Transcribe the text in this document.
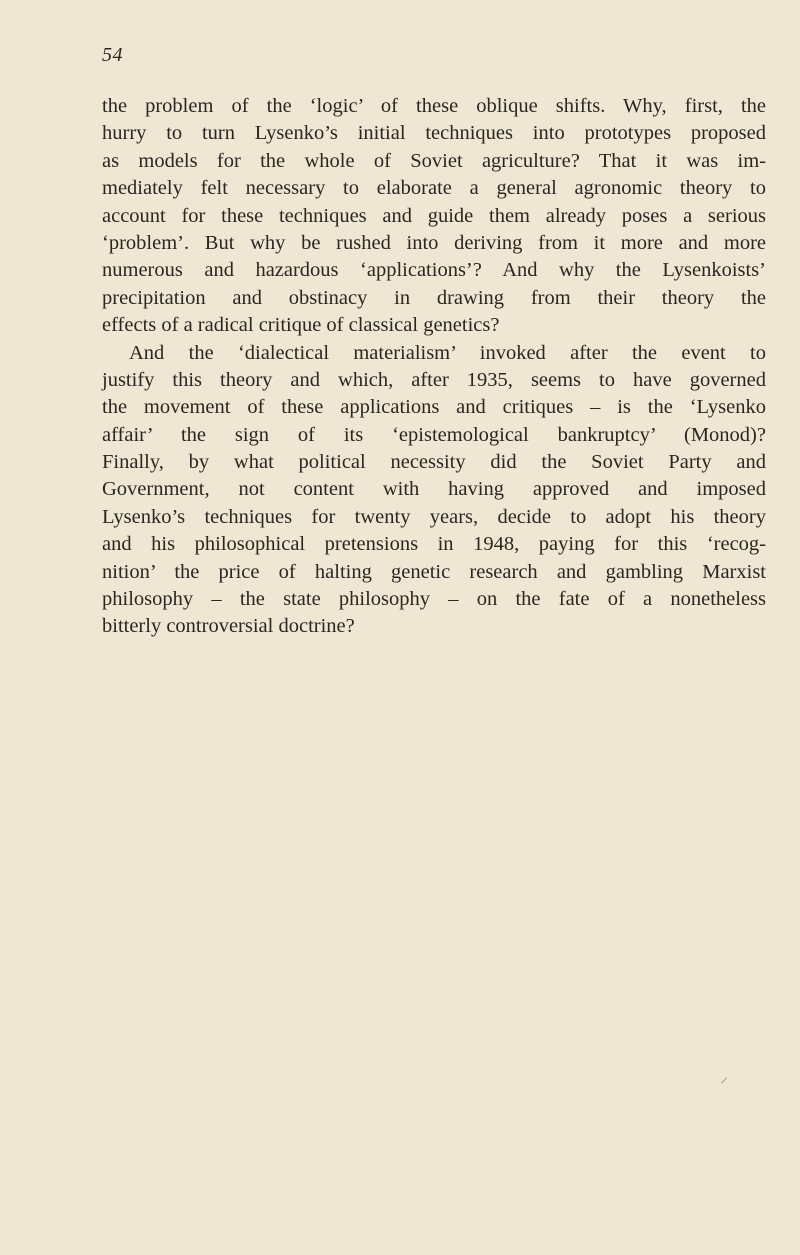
54
the problem of the ‘logic’ of these oblique shifts. Why, first, the
hurry to turn Lysenko’s initial techniques into prototypes proposed
as models for the whole of Soviet agriculture? That it was im-
mediately felt necessary to elaborate a general agronomic theory to
account for these techniques and guide them already poses a serious
‘problem’. But why be rushed into deriving from it more and more
numerous and hazardous ‘applications’? And why the Lysenkoists’
precipitation and obstinacy in drawing from their theory the
effects of a radical critique of classical genetics?
And the ‘dialectical materialism’ invoked after the event to
justify this theory and which, after 1935, seems to have governed
the movement of these applications and critiques – is the ‘Lysenko
affair’ the sign of its ‘epistemological bankruptcy’ (Monod)?
Finally, by what political necessity did the Soviet Party and
Government, not content with having approved and imposed
Lysenko’s techniques for twenty years, decide to adopt his theory
and his philosophical pretensions in 1948, paying for this ‘recog-
nition’ the price of halting genetic research and gambling Marxist
philosophy – the state philosophy – on the fate of a nonetheless
bitterly controversial doctrine?
